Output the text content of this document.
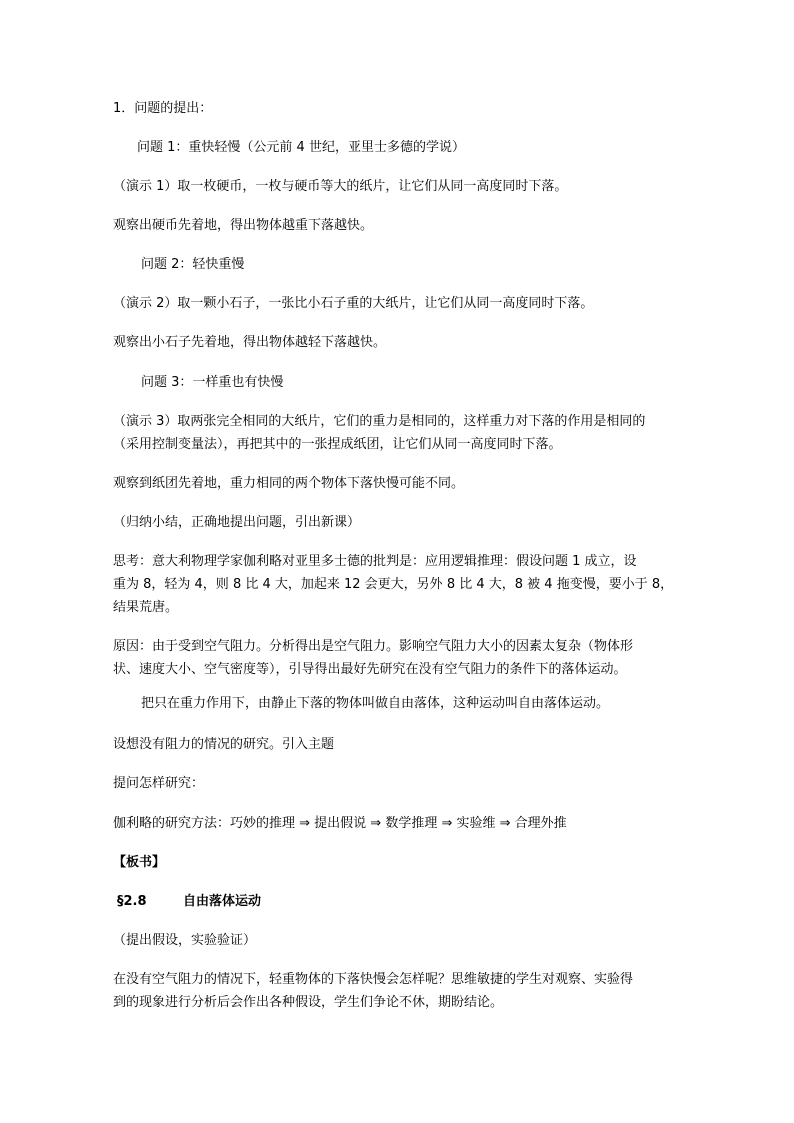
1．问题的提出：
问题 1：重快轻慢（公元前 4 世纪，亚里士多德的学说）
（演示 1）取一枚硬币，一枚与硬币等大的纸片，让它们从同一高度同时下落。
观察出硬币先着地，得出物体越重下落越快。
问题 2：轻快重慢
（演示 2）取一颗小石子，一张比小石子重的大纸片，让它们从同一高度同时下落。
观察出小石子先着地，得出物体越轻下落越快。
问题 3：一样重也有快慢
（演示 3）取两张完全相同的大纸片，它们的重力是相同的，这样重力对下落的作用是相同的
（采用控制变量法），再把其中的一张捏成纸团，让它们从同一高度同时下落。
观察到纸团先着地，重力相同的两个物体下落快慢可能不同。
（归纳小结，正确地提出问题，引出新课）
思考：意大利物理学家伽利略对亚里多士德的批判是：应用逻辑推理：假设问题 1 成立，设
重为 8，轻为 4，则 8 比 4 大，加起来 12 会更大，另外 8 比 4 大，8 被 4 拖变慢，要小于 8，
结果荒唐。
原因：由于受到空气阻力。分析得出是空气阻力。影响空气阻力大小的因素太复杂（物体形
状、速度大小、空气密度等），引导得出最好先研究在没有空气阻力的条件下的落体运动。
把只在重力作用下，由静止下落的物体叫做自由落体，这种运动叫自由落体运动。
设想没有阻力的情况的研究。引入主题
提问怎样研究：
伽利略的研究方法：巧妙的推理 ⇒ 提出假说 ⇒ 数学推理 ⇒ 实验维 ⇒ 合理外推
【板书】
§2.8	自由落体运动
（提出假设，实验验证）
在没有空气阻力的情况下，轻重物体的下落快慢会怎样呢？思维敏捷的学生对观察、实验得
到的现象进行分析后会作出各种假设，学生们争论不休，期盼结论。
